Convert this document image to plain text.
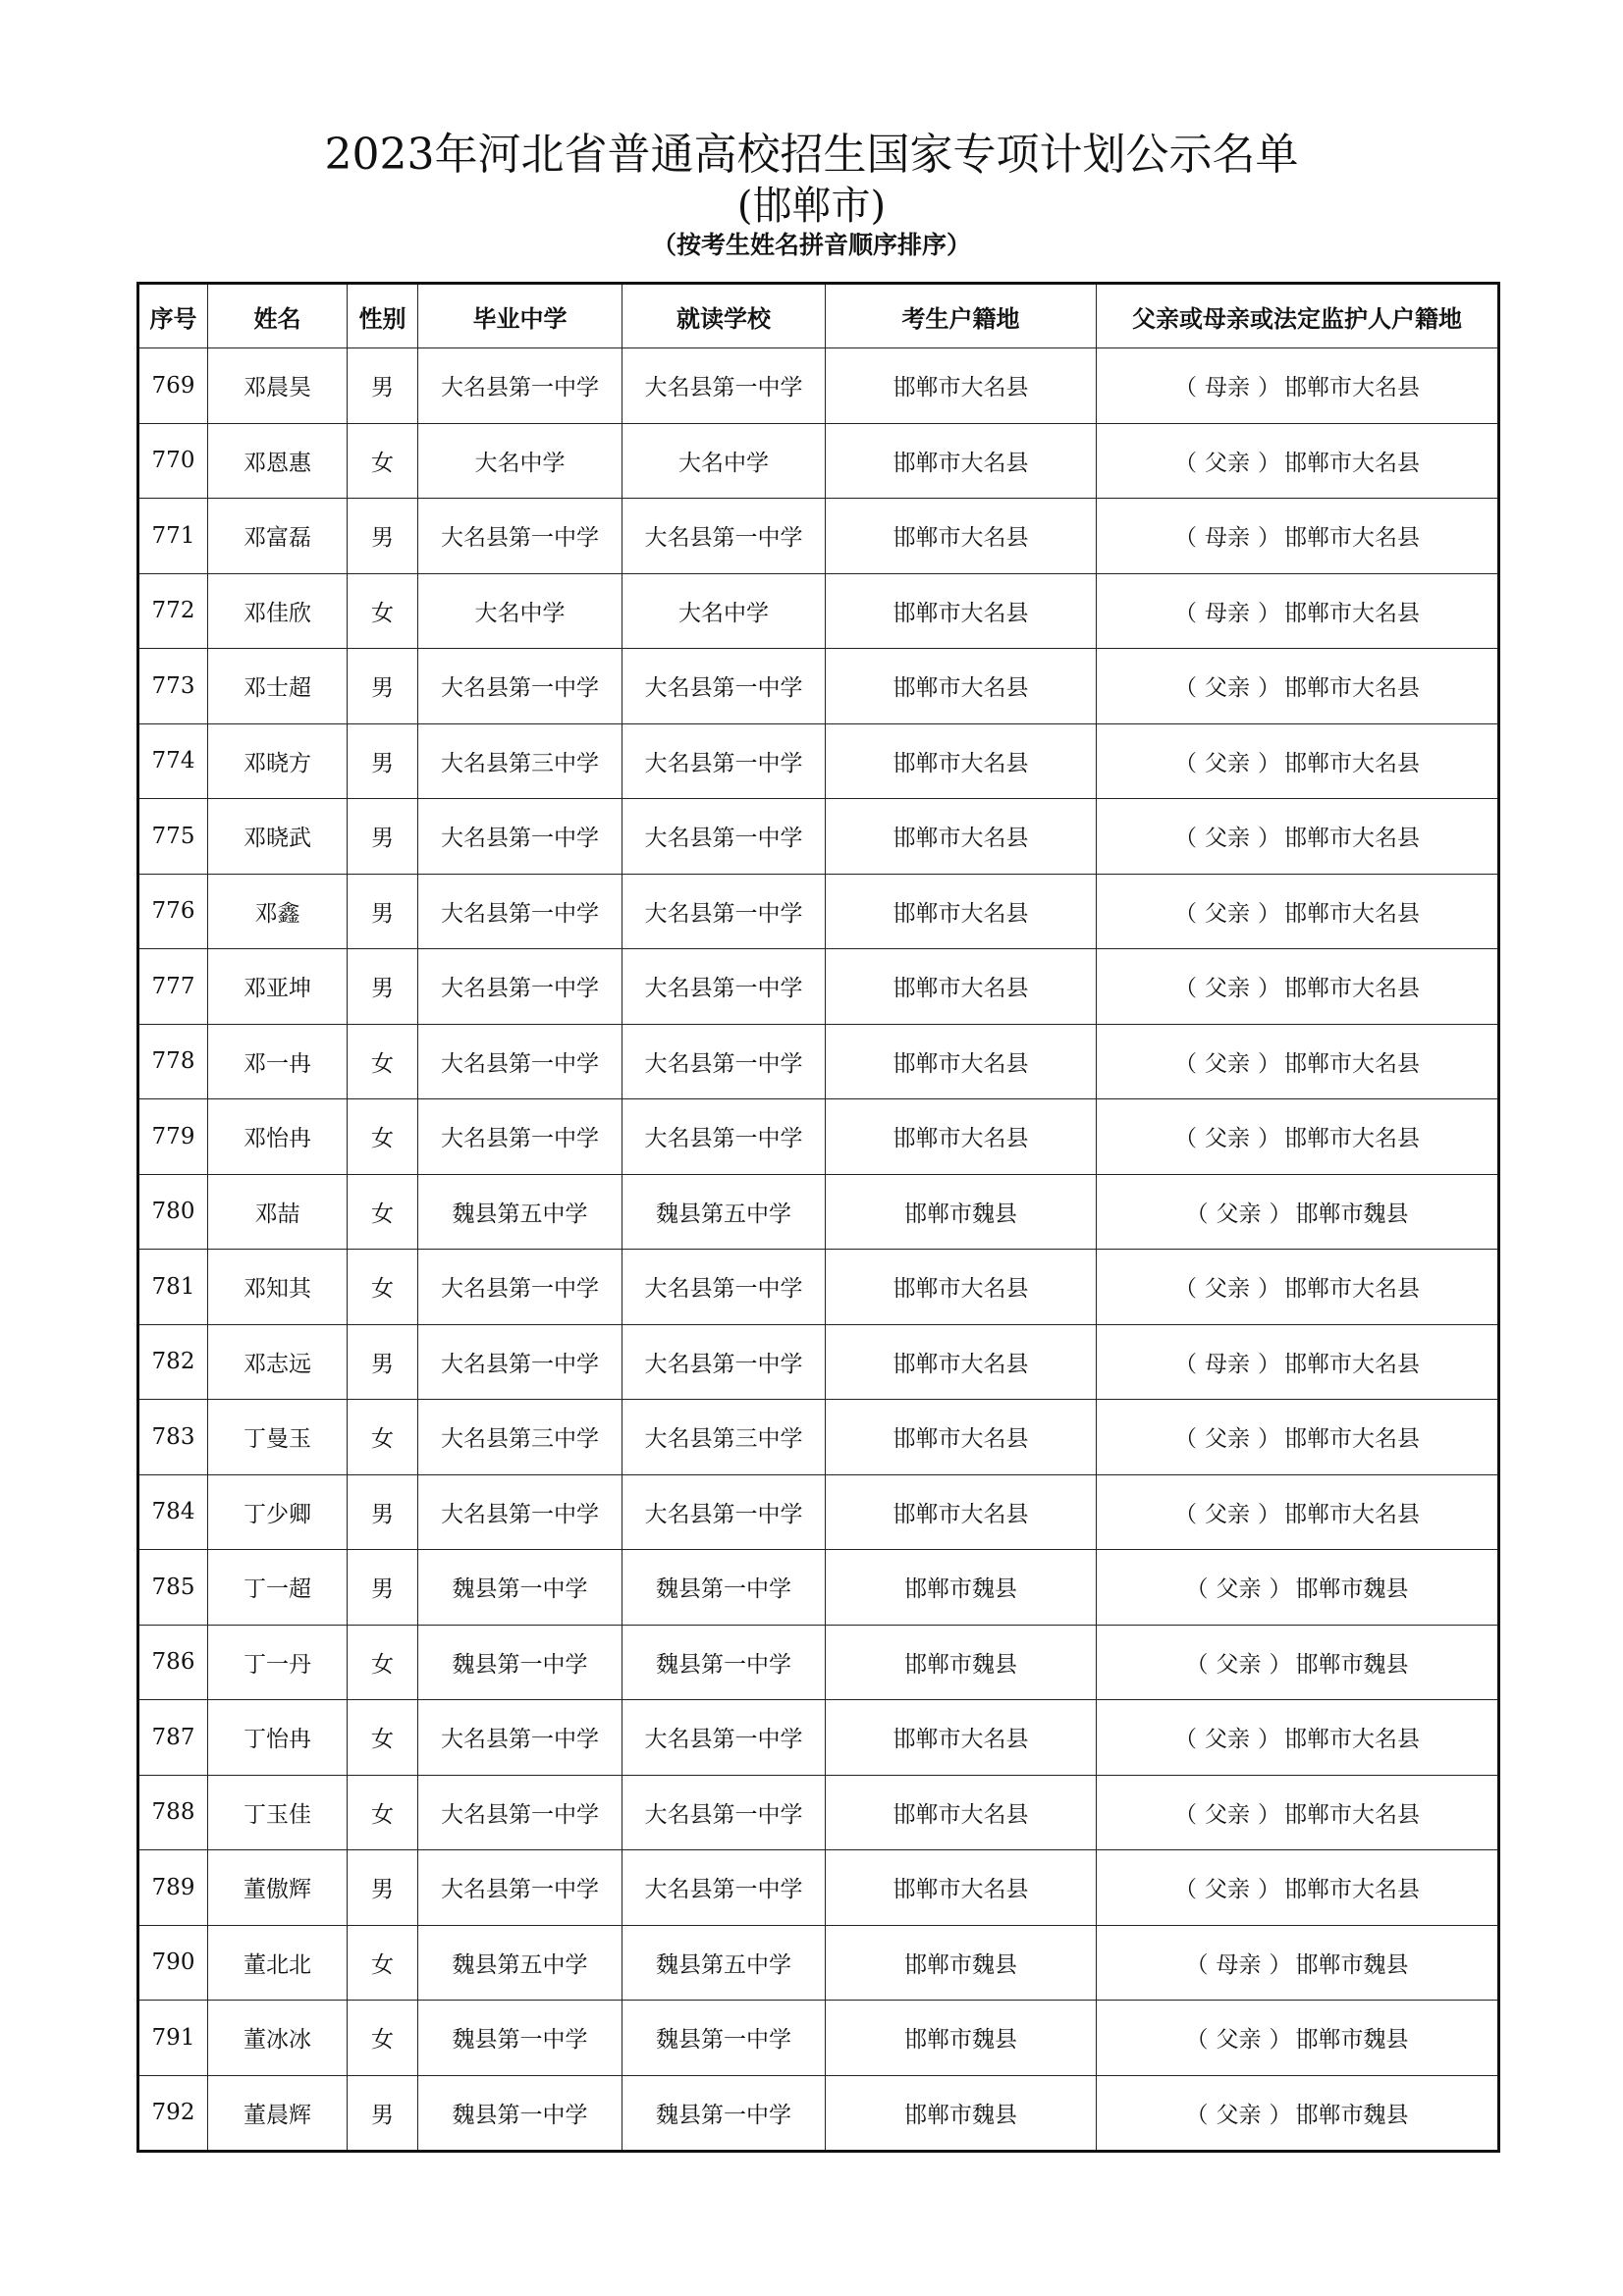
2023年河北省普通高校招生国家专项计划公示名单
(邯郸市)
（按考生姓名拼音顺序排序）
序号	姓名	性别	毕业中学	就读学校	考生户籍地	父亲或母亲或法定监护人户籍地
769	邓晨昊	男	大名县第一中学	大名县第一中学	邯郸市大名县	（ 母亲 ） 邯郸市大名县
770	邓恩惠	女	大名中学	大名中学	邯郸市大名县	（ 父亲 ） 邯郸市大名县
771	邓富磊	男	大名县第一中学	大名县第一中学	邯郸市大名县	（ 母亲 ） 邯郸市大名县
772	邓佳欣	女	大名中学	大名中学	邯郸市大名县	（ 母亲 ） 邯郸市大名县
773	邓士超	男	大名县第一中学	大名县第一中学	邯郸市大名县	（ 父亲 ） 邯郸市大名县
774	邓晓方	男	大名县第三中学	大名县第一中学	邯郸市大名县	（ 父亲 ） 邯郸市大名县
775	邓晓武	男	大名县第一中学	大名县第一中学	邯郸市大名县	（ 父亲 ） 邯郸市大名县
776	邓鑫	男	大名县第一中学	大名县第一中学	邯郸市大名县	（ 父亲 ） 邯郸市大名县
777	邓亚坤	男	大名县第一中学	大名县第一中学	邯郸市大名县	（ 父亲 ） 邯郸市大名县
778	邓一冉	女	大名县第一中学	大名县第一中学	邯郸市大名县	（ 父亲 ） 邯郸市大名县
779	邓怡冉	女	大名县第一中学	大名县第一中学	邯郸市大名县	（ 父亲 ） 邯郸市大名县
780	邓喆	女	魏县第五中学	魏县第五中学	邯郸市魏县	（ 父亲 ） 邯郸市魏县
781	邓知其	女	大名县第一中学	大名县第一中学	邯郸市大名县	（ 父亲 ） 邯郸市大名县
782	邓志远	男	大名县第一中学	大名县第一中学	邯郸市大名县	（ 母亲 ） 邯郸市大名县
783	丁曼玉	女	大名县第三中学	大名县第三中学	邯郸市大名县	（ 父亲 ） 邯郸市大名县
784	丁少卿	男	大名县第一中学	大名县第一中学	邯郸市大名县	（ 父亲 ） 邯郸市大名县
785	丁一超	男	魏县第一中学	魏县第一中学	邯郸市魏县	（ 父亲 ） 邯郸市魏县
786	丁一丹	女	魏县第一中学	魏县第一中学	邯郸市魏县	（ 父亲 ） 邯郸市魏县
787	丁怡冉	女	大名县第一中学	大名县第一中学	邯郸市大名县	（ 父亲 ） 邯郸市大名县
788	丁玉佳	女	大名县第一中学	大名县第一中学	邯郸市大名县	（ 父亲 ） 邯郸市大名县
789	董傲辉	男	大名县第一中学	大名县第一中学	邯郸市大名县	（ 父亲 ） 邯郸市大名县
790	董北北	女	魏县第五中学	魏县第五中学	邯郸市魏县	（ 母亲 ） 邯郸市魏县
791	董冰冰	女	魏县第一中学	魏县第一中学	邯郸市魏县	（ 父亲 ） 邯郸市魏县
792	董晨辉	男	魏县第一中学	魏县第一中学	邯郸市魏县	（ 父亲 ） 邯郸市魏县
